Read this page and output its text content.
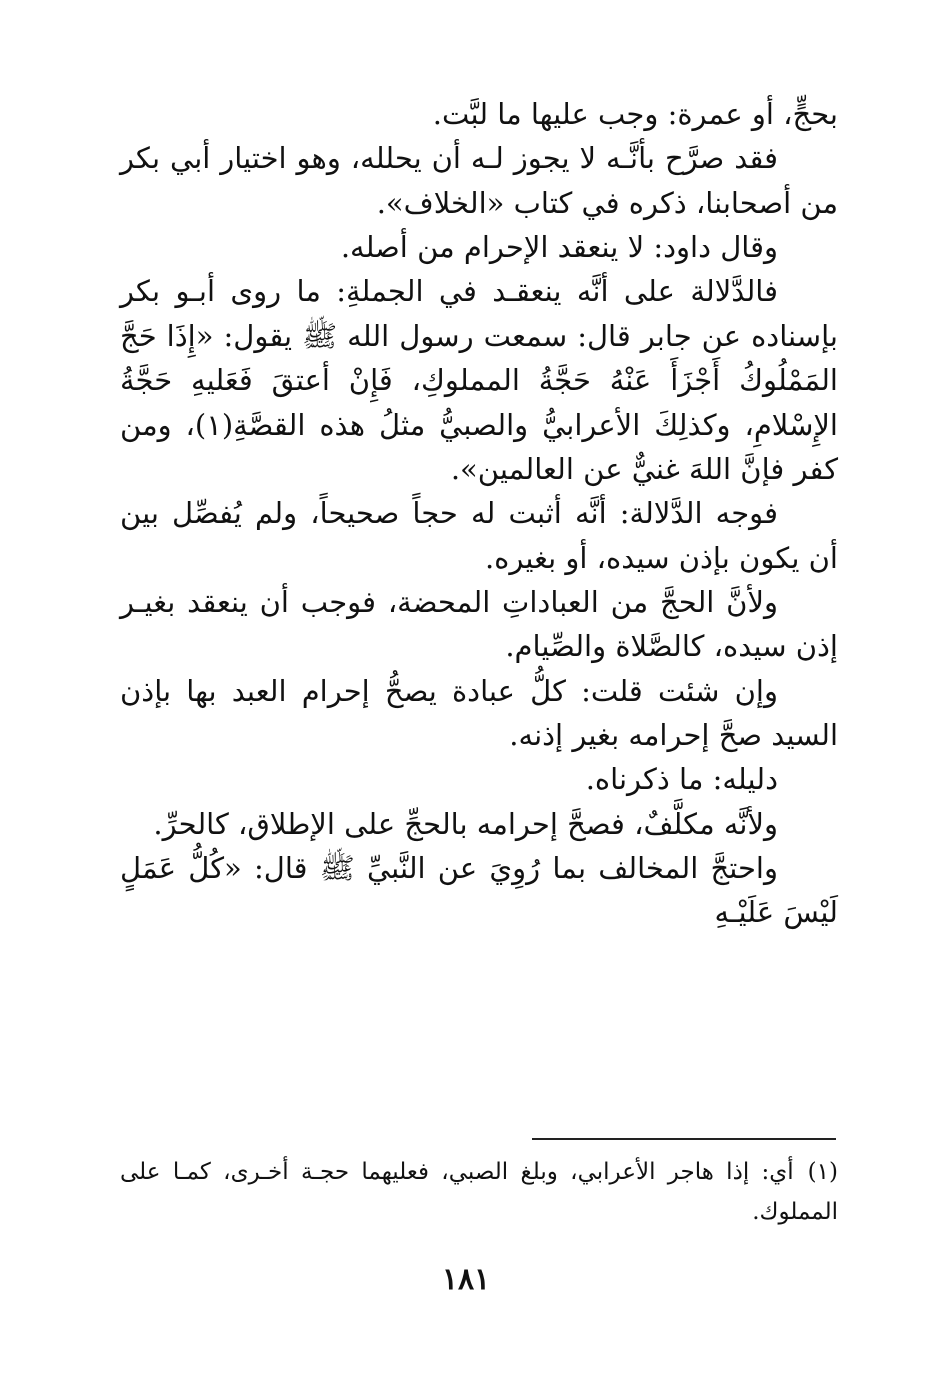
بحجٍّ، أو عمرة: وجب عليها ما لبَّت.

فقد صرَّح بأنَّـه لا يجوز لـه أن يحلله، وهو اختيار أبي بكر من أصحابنا، ذكره في كتاب «الخلاف».

وقال داود: لا ينعقد الإحرام من أصله.

فالدَّلالة على أنَّه ينعقـد في الجملةِ: ما روى أبـو بكر بإسناده عن جابر قال: سمعت رسول الله ﷺ يقول: «إِذَا حَجَّ المَمْلُوكُ أَجْزَأَ عَنْهُ حَجَّةُ المملوكِ، فَإِنْ أعتقَ فَعَليهِ حَجَّةُ الإِسْلامِ، وكذلِكَ الأعرابيُّ والصبيُّ مثلُ هذه القصَّةِ(١)، ومن كفر فإنَّ اللهَ غنيٌّ عن العالمين».

فوجه الدَّلالة: أنَّه أثبت له حجاً صحيحاً، ولم يُفصِّل بين أن يكون بإذن سيده، أو بغيره.

ولأنَّ الحجَّ من العباداتِ المحضة، فوجب أن ينعقد بغيـر إذن سيده، كالصَّلاة والصِّيام.

وإن شئت قلت: كلُّ عبادة يصحُّ إحرام العبد بها بإذن السيد صحَّ إحرامه بغير إذنه.

دليله: ما ذكرناه.

ولأنَّه مكلَّفٌ، فصحَّ إحرامه بالحجِّ على الإطلاق، كالحرِّ.

واحتجَّ المخالف بما رُوِيَ عن النَّبيِّ ﷺ قال: «كُلُّ عَمَلٍ لَيْسَ عَلَيْـهِ

(١)أي: إذا هاجر الأعرابي، وبلغ الصبي، فعليهما حجـة أخـرى، كمـا على المملوك.
١٨١
